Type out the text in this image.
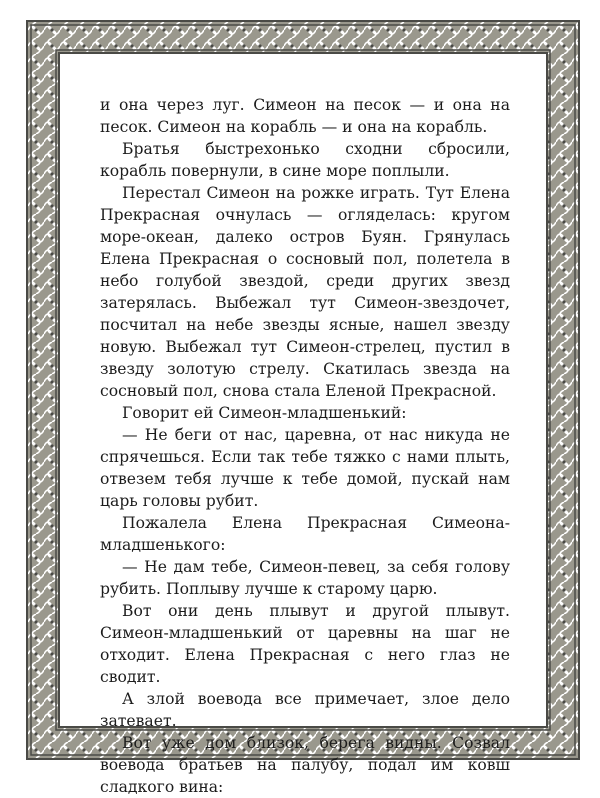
и она через луг. Симеон на песок — и она на песок. Симеон на корабль — и она на корабль.

Братья быстрехонько сходни сбросили, корабль повернули, в сине море поплыли.

Перестал Симеон на рожке играть. Тут Елена Прекрасная очнулась — огляделась: кругом море-океан, далеко остров Буян. Грянулась Елена Прекрасная о сосновый пол, полетела в небо голубой звездой, среди других звезд затерялась. Выбежал тут Симеон-звездочет, посчитал на небе звезды ясные, нашел звезду новую. Выбежал тут Симеон-стрелец, пустил в звезду золотую стрелу. Скатилась звезда на сосновый пол, снова стала Еленой Прекрасной.

Говорит ей Симеон-младшенький:

— Не беги от нас, царевна, от нас никуда не спрячешься. Если так тебе тяжко с нами плыть, отвезем тебя лучше к тебе домой, пускай нам царь головы рубит.

Пожалела Елена Прекрасная Симеона-младшенького:

— Не дам тебе, Симеон-певец, за себя голову рубить. Поплыву лучше к старому царю.

Вот они день плывут и другой плывут. Симеон-младшенький от царевны на шаг не отходит. Елена Прекрасная с него глаз не сводит.

А злой воевода все примечает, злое дело затевает.

Вот уже дом близок, берега видны. Созвал воевода братьев на палубу, подал им ковш сладкого вина:
